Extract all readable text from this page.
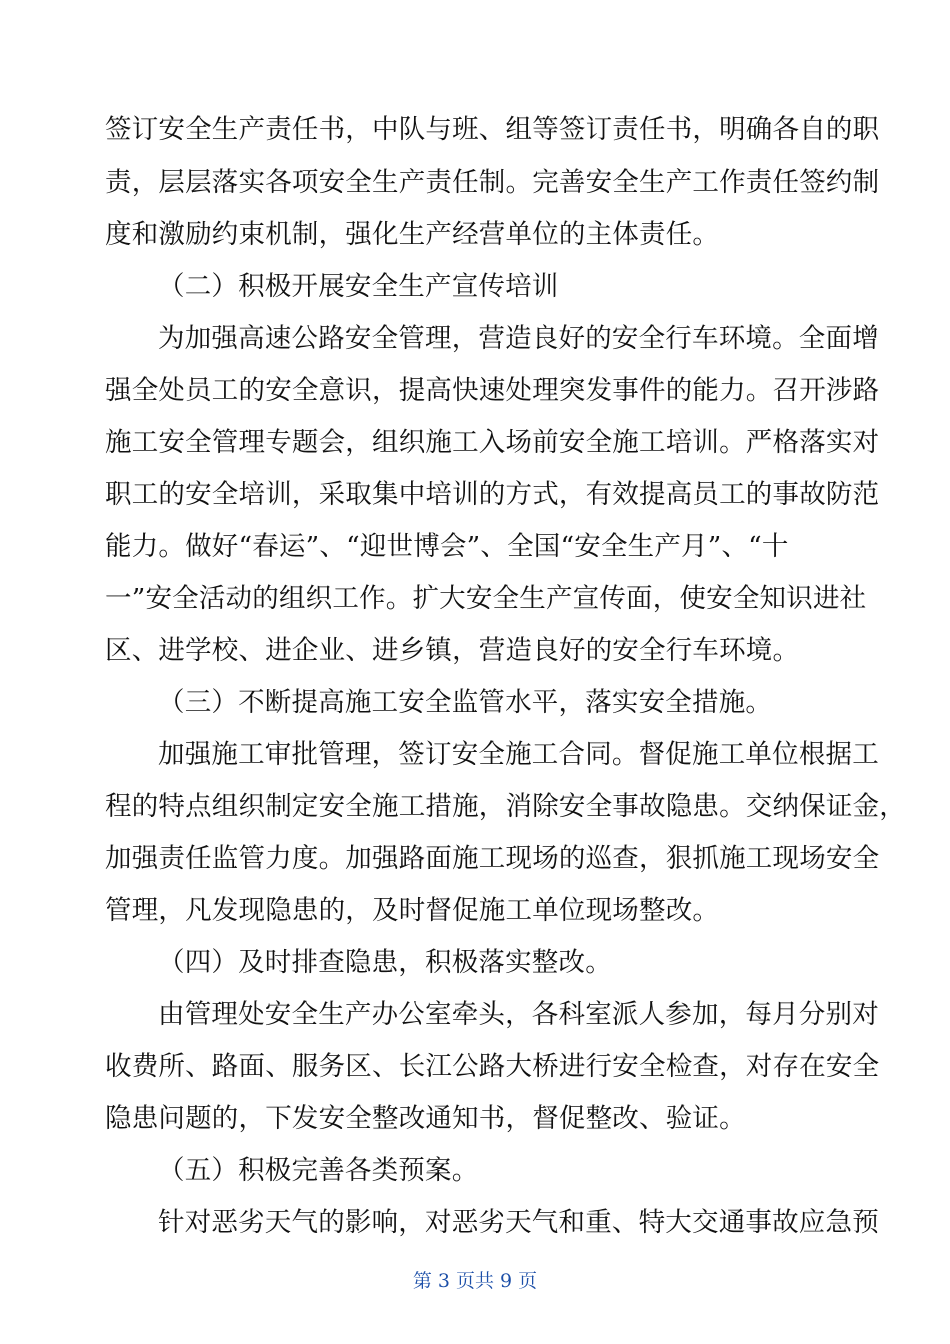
签订安全生产责任书，中队与班、组等签订责任书，明确各自的职
责，层层落实各项安全生产责任制。完善安全生产工作责任签约制
度和激励约束机制，强化生产经营单位的主体责任。
（二）积极开展安全生产宣传培训
为加强高速公路安全管理，营造良好的安全行车环境。全面增
强全处员工的安全意识，提高快速处理突发事件的能力。召开涉路
施工安全管理专题会，组织施工入场前安全施工培训。严格落实对
职工的安全培训，采取集中培训的方式，有效提高员工的事故防范
能力。做好“春运”、“迎世博会”、全国“安全生产月”、“十
一”安全活动的组织工作。扩大安全生产宣传面，使安全知识进社
区、进学校、进企业、进乡镇，营造良好的安全行车环境。
（三）不断提高施工安全监管水平，落实安全措施。
加强施工审批管理，签订安全施工合同。督促施工单位根据工
程的特点组织制定安全施工措施，消除安全事故隐患。交纳保证金，
加强责任监管力度。加强路面施工现场的巡查，狠抓施工现场安全
管理，凡发现隐患的，及时督促施工单位现场整改。
（四）及时排查隐患，积极落实整改。
由管理处安全生产办公室牵头，各科室派人参加，每月分别对
收费所、路面、服务区、长江公路大桥进行安全检查，对存在安全
隐患问题的，下发安全整改通知书，督促整改、验证。
（五）积极完善各类预案。
针对恶劣天气的影响，对恶劣天气和重、特大交通事故应急预
第 3 页共 9 页
